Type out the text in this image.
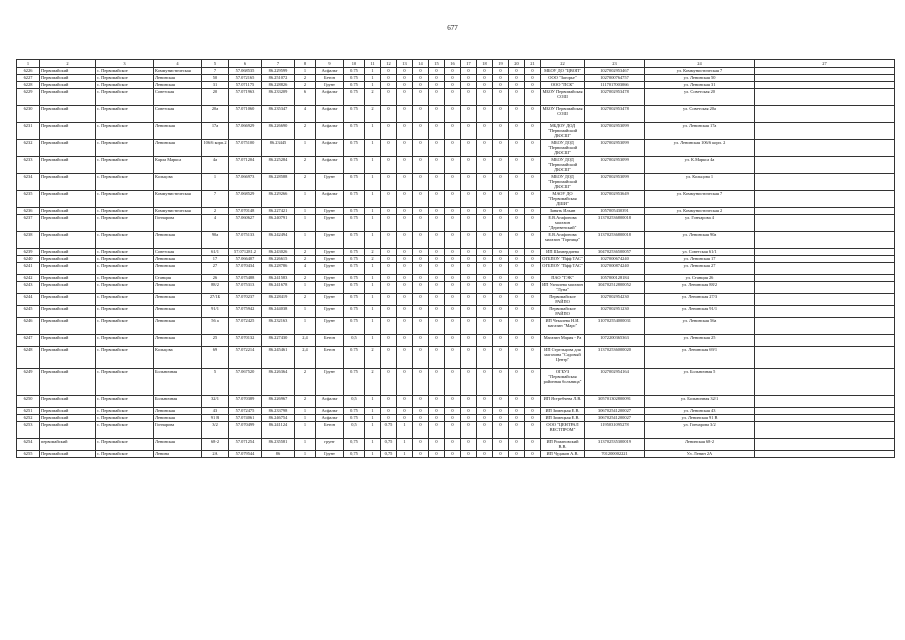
677
1	2	3	4	5	6	7	8	9	10	11	12	13	14	15	16	17	18	19	20	21	22	23	24	27
6226	Первомайский	с. Первомайское	Коммунистическая	7	57.068535	86.229599	1	Асфальт	0.75	1	0	0	0	0	0	0	0	0	0	0	МБОУ ДО "ЦВОП"	1027002953467	ул. Коммунистическая 7	
6227	Первомайский	с. Первомайское	Ленинская	50	57.072165	86.251072	2	Бетон	0.75	1	0	0	0	0	0	0	0	0	0	0	ООО "Загорье"	1027000764757	ул. Ленинская 50	
6228	Первомайский	с. Первомайское	Ленинская	31	57.071175	86.228826	2	Грунт	0.75	1	0	0	0	0	0	0	0	0	0	0	ООО "ПСК"	1117017003066	ул. Ленинская 31	
6229	Первомайский	с. Первомайское	Советская	20	57.071963	86.233209	6	Асфальт	0.75	2	0	0	0	0	0	0	0	0	0	0	МБОУ Первомайская СОШ	1027002953478	ул. Советская 20	
6230	Первомайский	с. Первомайское	Советская	20а	57.071060	86.235347	4	Асфальт	0.75	2	0	0	0	0	0	0	0	0	0	0	МБОУ Первомайская СОШ	1027002953478	ул. Советская 20а	
6231	Первомайский	с. Первомайское	Ленинская	17а	57.066929	86.226690	2	Асфальт	0.75	1	0	0	0	0	0	0	0	0	0	0	МБДОУ ДОД "Первомайский ДЮСШ"	1027002953099	ул. Ленинская 17а	
6232	Первомайский	с. Первомайское	Ленинская	106/6 корп.2	57.075100	86.23445	1	Асфальт	0.75	1	0	0	0	0	0	0	0	0	0	0	МБОУ ДОД "Первомайский ДЮСШ"	1027002953099	ул. Ленинская 106/6 корп. 2	
6233	Первомайский	с. Первомайское	Карла Маркса	4а	57.071204	86.225284	2	Асфальт	0.75	1	0	0	0	0	0	0	0	0	0	0	МБОУ ДОД "Первомайский ДЮСШ"	1027002953099	ул. К.Маркса 4а	
6234	Первомайский	с. Первомайское	Кольцова	1	57.066973	86.228588	2	Грунт	0.75	1	0	0	0	0	0	0	0	0	0	0	МБОУ ДОД "Первомайский ДЮСШ"	1027002953099	ул. Кольцова 1	
6235	Первомайский	с. Первомайское	Коммунистическая	7	57.068529	86.229266	1	Асфальт	0.75	1	0	0	0	0	0	0	0	0	0	0	МАОУ ДО "Первомайская ДШИ"	1027002953649	ул. Коммунистическая 7	
6236	Первомайский	с. Первомайское	Коммунистическая	2	57.070148	86.227421	1	Грунт	0.75	1	0	0	0	0	0	0	0	0	0	0	Занять Ильин	1057005430391	ул. Коммунистическая 2	
6237	Первомайский	с. Первомайское	Гончарова	4	57.060627	86.240791	1	Грунт	0.75	1	0	0	0	0	0	0	0	0	0	0	Е.В.Агафонова магазин "Деревенский"	313702536800018	ул. Гончарова 4	
6238	Первомайский	с. Первомайское	Ленинская	90а	57.075133	86.242494	1	Грунт	0.75	1	0	0	0	0	0	0	0	0	0	0	Е.В.Агафонова магазин "Горница"	313702536800018	ул. Ленинская 90а	
6239	Первомайский	с. Первомайское	Советская	61/1	57.071281.2	86.243026	2	Грунт	0.75	2	0	0	0	0	0	0	0	0	0	0	ИП Шахвердиева	304702536500057	ул. Советская 61/1	
6240	Первомайский	с. Первомайское	Ленинская	17	57.066407	86.226615	2	Грунт	0.75	2	0	0	0	0	0	0	0	0	0	0	ОГБПОУ "Пфф ТАС"	1027000674240	ул. Ленинская 17	
6241	Первомайский	с. Первомайское	Ленинская	27	57.070434	86.228786	4	Грунт	0.75	1	0	0	0	0	0	0	0	0	0	0	ОГБПОУ "Пфф ТАС"	1027000874240	ул. Ленинская 27	
6242	Первомайский	с. Первомайское	Станция	26	57.075488	86.241583	2	Грунт	0.75	1	0	0	0	0	0	0	0	0	0	0	ПАО "ТЭК"	1057000128184	ул. Станция 26	
6243	Первомайский	с. Первомайское	Ленинская	88/2	57.075313	86.241678	1	Грунт	0.75	1	0	0	0	0	0	0	0	0	0	0	ИП Ухналева магазин "Луна"	304702512800052	ул. Ленинская 88/2	
6244	Первомайский	с. Первомайское	Ленинская	27/1Б	57.070237	86.228419	2	Грунт	0.75	1	0	0	0	0	0	0	0	0	0	0	Первомайское РАЙПО	1027002954230	ул. Ленинская 27/3	
6245	Первомайский	с. Первомайское	Ленинская	91/1	57.075942	86.244038	1	Грунт	0.75	1	0	0	0	0	0	0	0	0	0	0	Первомайское РАЙПО	1027002951230	ул. Ленинская 91/1	
6246	Первомайский	с. Первомайское	Ленинская	56 а	57.072425	86.232163	1	Грунт	0.75	1	0	0	0	0	0	0	0	0	0	0	ИП Чекалева Н.И. магазин "Марс"	310702554000031	ул. Ленинская 56а	
6247	Первомайский	с. Первомайское	Ленинская	25	57.070132	86.227430	2,4	Бетон	0,5	1	0	0	0	0	0	0	0	0	0	0	Магазин Мария - Ра	1072200365363	ул. Ленинская 25	
6248	Первомайский	с. Первомайское	Кольцова	69	57.072214	86.245461	2,4	Бетон	0.75	2	0	0	0	0	0	0	0	0	0	0	ИП Стрельцова для магазина "Садовый Центр"	313702536000020	ул. Ленинская 69/1	
6249	Первомайский	с. Первомайское	Больничная	5	57.067520	86.226364	2	Грунт	0.75	2	0	0	0	0	0	0	0	0	0	0	ОГБУЗ "Первомайская районная больница"	1027002954164	ул. Больничная 5	
6250	Первомайский	с. Первомайское	Больничная	32/1	57.070389	86.226967	2	Асфальт	0,5	1	0	0	0	0	0	0	0	0	0	0	ИП Ястребчева Л.В.	305701302800091	ул. Больничная 32/1	
6251	Первомайский	с. Первомайское	Ленинская	43	57.072475	86.233798	1	Асфальт	0.75	1	0	0	0	0	0	0	0	0	0	0	ИП Зимецкая Е.В.	306702541200027	ул. Ленинская 43	
6252	Первомайский	с. Первомайское	Ленинская	91 В	57.074061	86.246754	1	Асфальт	0.75	1	0	0	0	0	0	0	0	0	0	0	ИП Зимецкая Е.В.	306702541200027	ул. Ленинская 91 В	
6253	Первомайский	с. Первомайское	Гончарова	3/2	57.070499	86.241124	1	Бетон	0,5	1	0.75	1	0	0	0	0	0	0	0	0	ООО "ЦЕНТРАЛ ВЕСТПРОМ"	1195031095278	ул. Гончарова 3/2	
6254	первомайский	с. Первомайское	Ленинская	68-2	57.071254	86.235581	1	грунт	0,75	1	0,75	1	0	0	0	0	0	0	0	0	ИП Романовский В.В.	313702535300019	Ленинская 68-2	
6255	Первомайский	с. Первомайское	Ленина	2А	57.079544	86	1	Грунт	0,75	1	0,75	1	0	0	0	0	0	0	0	0	ИП Чудаков А.В.	701200002221	Ул. Ленин 2А	
